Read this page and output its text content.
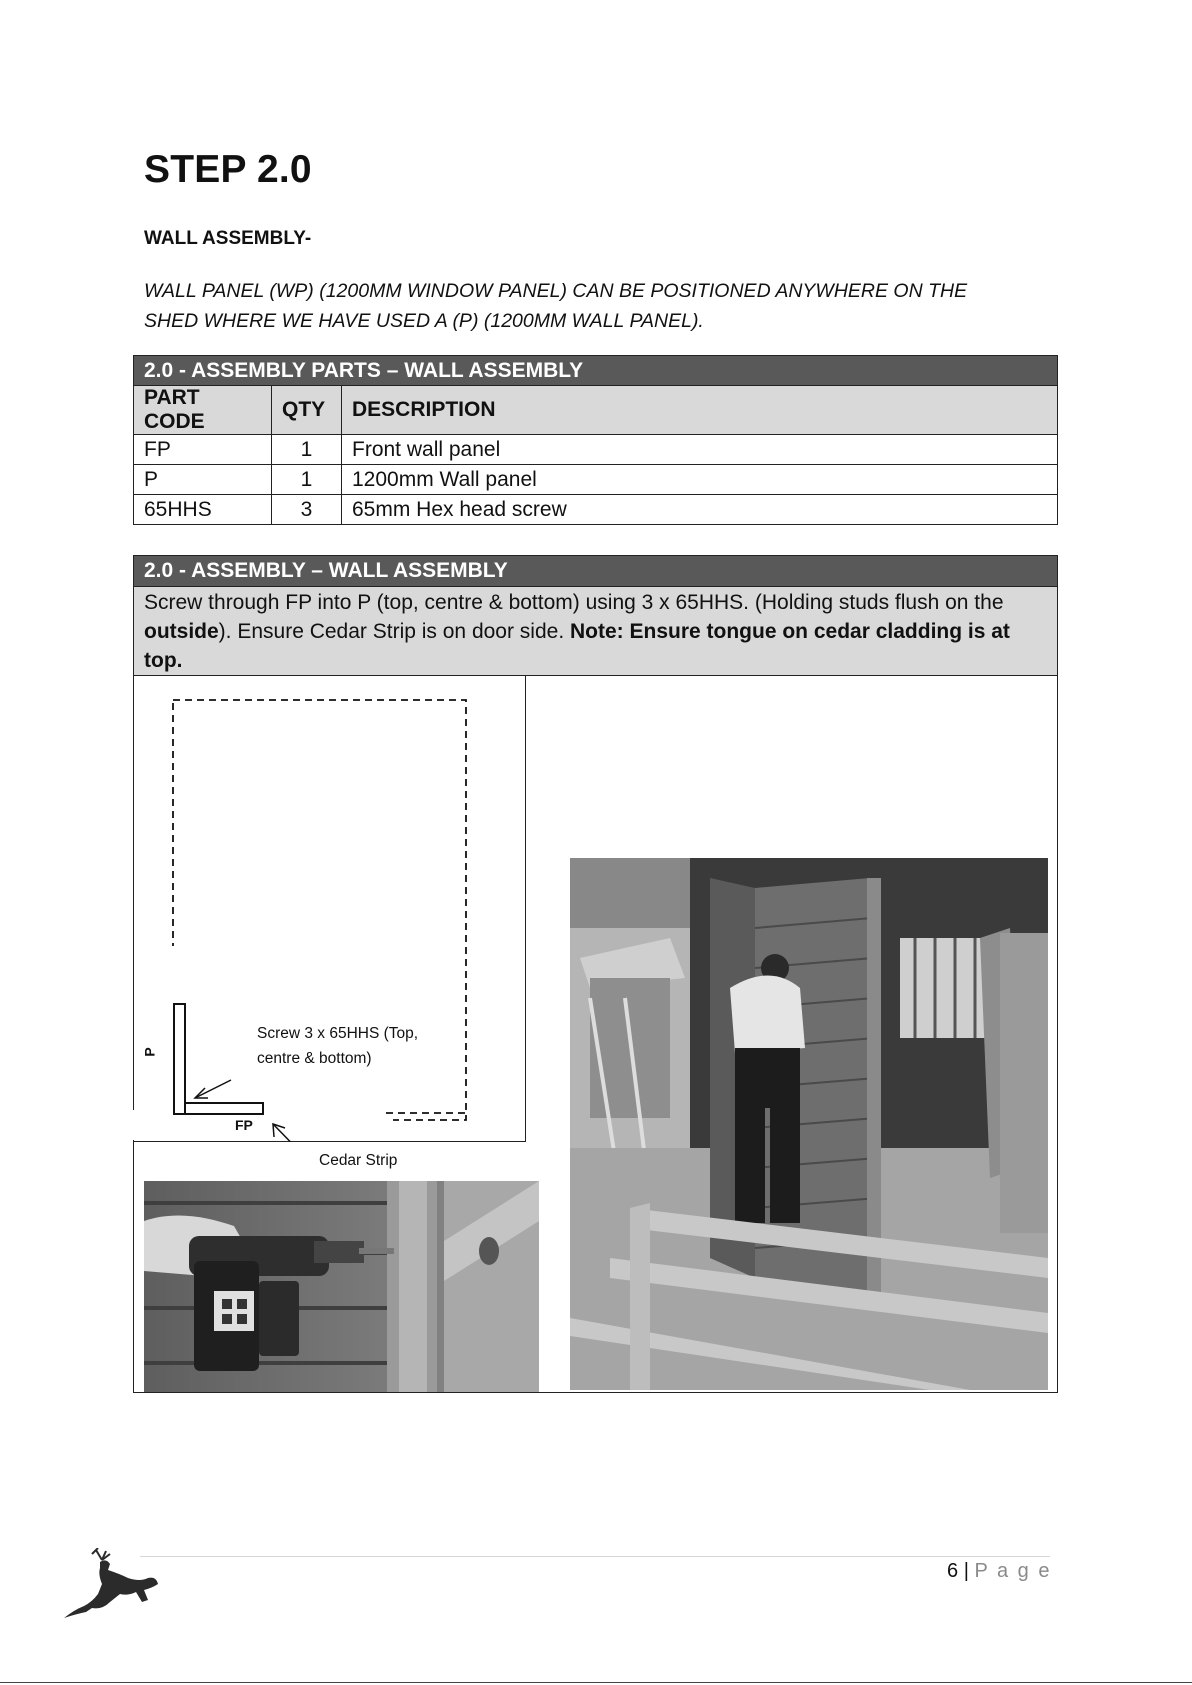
STEP 2.0
WALL ASSEMBLY-
WALL PANEL (WP) (1200MM WINDOW PANEL) CAN BE POSITIONED ANYWHERE ON THE
SHED WHERE WE HAVE USED A (P) (1200MM WALL PANEL).
2.0 - ASSEMBLY PARTS – WALL ASSEMBLY		
PART CODE	QTY	DESCRIPTION
FP	1	Front wall panel
P	1	1200mm Wall panel
65HHS	3	65mm Hex head screw
2.0 - ASSEMBLY – WALL ASSEMBLY
Screw through FP into P (top, centre & bottom) using 3 x 65HHS. (Holding studs flush on the outside). Ensure Cedar Strip is on door side. Note: Ensure tongue on cedar cladding is at top.
P
FP
Screw 3 x 65HHS (Top,
centre & bottom)
Cedar Strip
6 | P a g e
